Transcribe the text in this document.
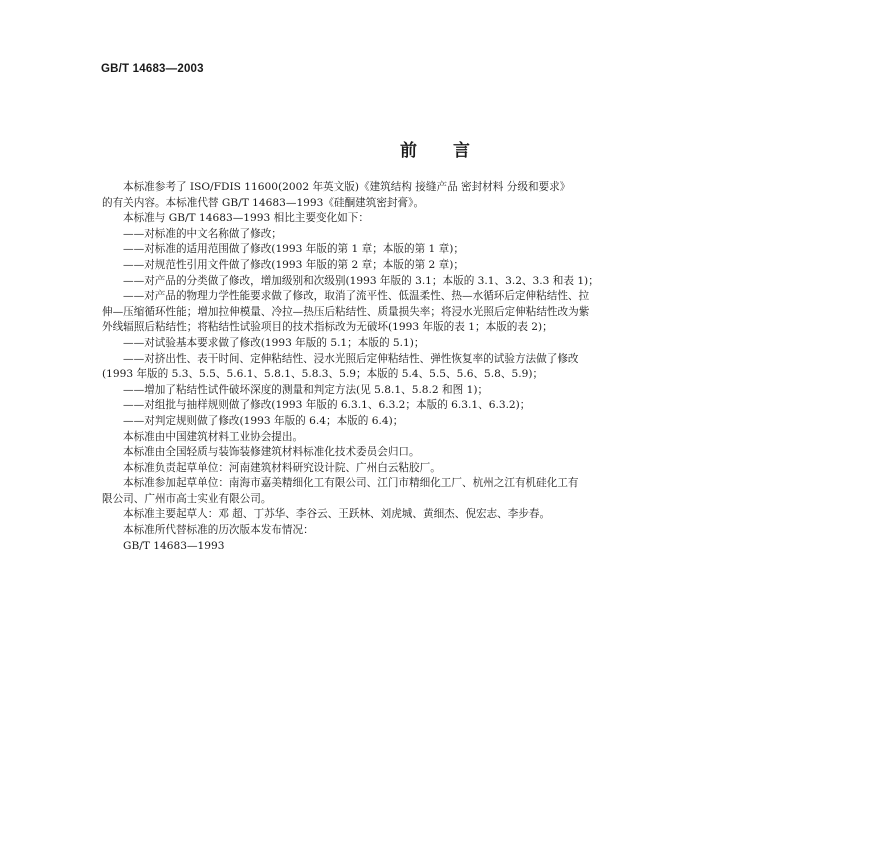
GB/T 14683—2003
前言

本标准参考了 ISO/FDIS 11600(2002 年英文版)《建筑结构 接缝产品 密封材料 分级和要求》

的有关内容。本标准代替 GB/T 14683—1993《硅酮建筑密封膏》。

本标准与 GB/T 14683—1993 相比主要变化如下：

——对标准的中文名称做了修改；

——对标准的适用范围做了修改(1993 年版的第 1 章；本版的第 1 章)；

——对规范性引用文件做了修改(1993 年版的第 2 章；本版的第 2 章)；

——对产品的分类做了修改，增加级别和次级别(1993 年版的 3.1；本版的 3.1、3.2、3.3 和表 1)；

——对产品的物理力学性能要求做了修改，取消了流平性、低温柔性、热—水循环后定伸粘结性、拉

伸—压缩循环性能；增加拉伸模量、冷拉—热压后粘结性、质量损失率；将浸水光照后定伸粘结性改为紫

外线辐照后粘结性；将粘结性试验项目的技术指标改为无破坏(1993 年版的表 1；本版的表 2)；

——对试验基本要求做了修改(1993 年版的 5.1；本版的 5.1)；

——对挤出性、表干时间、定伸粘结性、浸水光照后定伸粘结性、弹性恢复率的试验方法做了修改

(1993 年版的 5.3、5.5、5.6.1、5.8.1、5.8.3、5.9；本版的 5.4、5.5、5.6、5.8、5.9)；

——增加了粘结性试件破坏深度的测量和判定方法(见 5.8.1、5.8.2 和图 1)；

——对组批与抽样规则做了修改(1993 年版的 6.3.1、6.3.2；本版的 6.3.1、6.3.2)；

——对判定规则做了修改(1993 年版的 6.4；本版的 6.4)；

本标准由中国建筑材料工业协会提出。

本标准由全国轻质与装饰装修建筑材料标准化技术委员会归口。

本标准负责起草单位：河南建筑材料研究设计院、广州白云粘胶厂。

本标准参加起草单位：南海市嘉美精细化工有限公司、江门市精细化工厂、杭州之江有机硅化工有

限公司、广州市高士实业有限公司。

本标准主要起草人：邓 超、丁苏华、李谷云、王跃林、刘虎城、黄细杰、倪宏志、李步春。

本标准所代替标准的历次版本发布情况：

GB/T 14683—1993
